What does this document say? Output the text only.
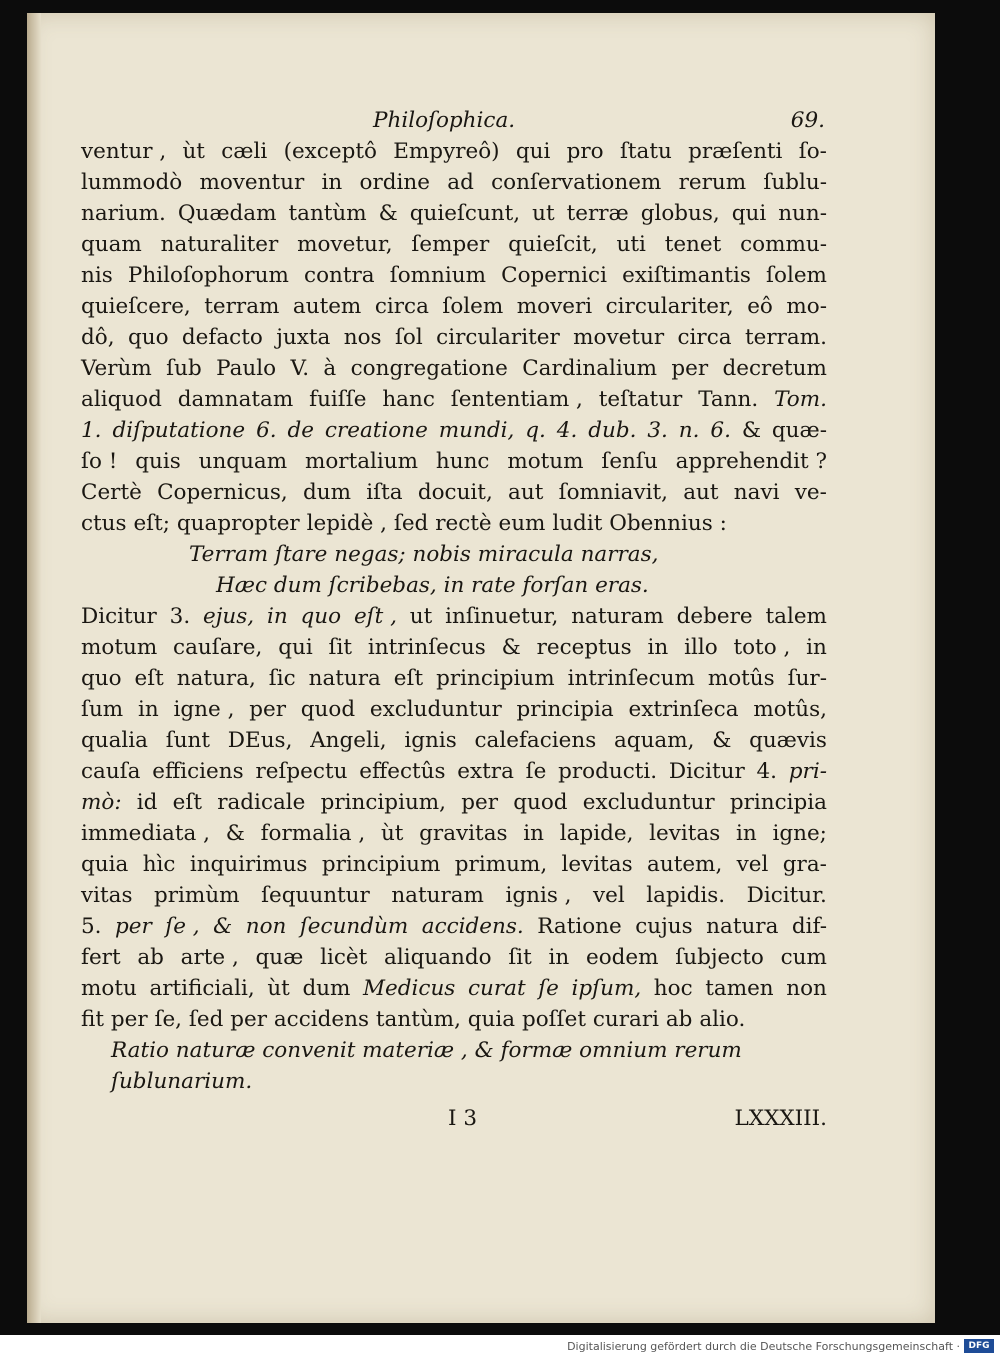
Philoſophica.	69.
ventur , ùt cæli (exceptô Empyreô) qui pro ſtatu præſenti ſo-
lummodò moventur in ordine ad conſervationem rerum ſublu-
narium. Quædam tantùm & quieſcunt, ut terræ globus, qui nun-
quam naturaliter movetur, ſemper quieſcit, uti tenet commu-
nis Philoſophorum contra ſomnium Copernici exiſtimantis ſolem
quieſcere, terram autem circa ſolem moveri circulariter, eô mo-
dô, quo defacto juxta nos ſol circulariter movetur circa terram.
Verùm ſub Paulo V. à congregatione Cardinalium per decretum
aliquod damnatam fuiſſe hanc ſententiam , teſtatur Tann. Tom.
1. diſputatione 6. de creatione mundi, q. 4. dub. 3. n. 6. & quæ-
ſo ! quis unquam mortalium hunc motum ſenſu apprehendit ?
Certè Copernicus, dum iſta docuit, aut ſomniavit, aut navi ve-
ctus eſt; quapropter lepidè , ſed rectè eum ludit Obennius :
Terram ſtare negas; nobis miracula narras,
Hæc dum ſcribebas, in rate forſan eras.
Dicitur 3. ejus, in quo eſt , ut inſinuetur, naturam debere talem
motum cauſare, qui ſit intrinſecus & receptus in illo toto , in
quo eſt natura, ſic natura eſt principium intrinſecum motûs ſur-
ſum in igne , per quod excluduntur principia extrinſeca motûs,
qualia ſunt DEus, Angeli, ignis calefaciens aquam, & quævis
cauſa efficiens reſpectu effectûs extra ſe producti. Dicitur 4. pri-
mò: id eſt radicale principium, per quod excluduntur principia
immediata , & formalia , ùt gravitas in lapide, levitas in igne;
quia hìc inquirimus principium primum, levitas autem, vel gra-
vitas primùm ſequuntur naturam ignis , vel lapidis. Dicitur.
5. per ſe , & non ſecundùm accidens. Ratione cujus natura dif-
fert ab arte , quæ licèt aliquando ſit in eodem ſubjecto cum
motu artificiali, ùt dum Medicus curat ſe ipſum, hoc tamen non
fit per ſe, ſed per accidens tantùm, quia poſſet curari ab alio.
Ratio naturæ convenit materiæ , & formæ omnium rerum
ſublunarium.
I 3	LXXXIII.
Digitalisierung gefördert durch die Deutsche Forschungsgemeinschaft · DFG
